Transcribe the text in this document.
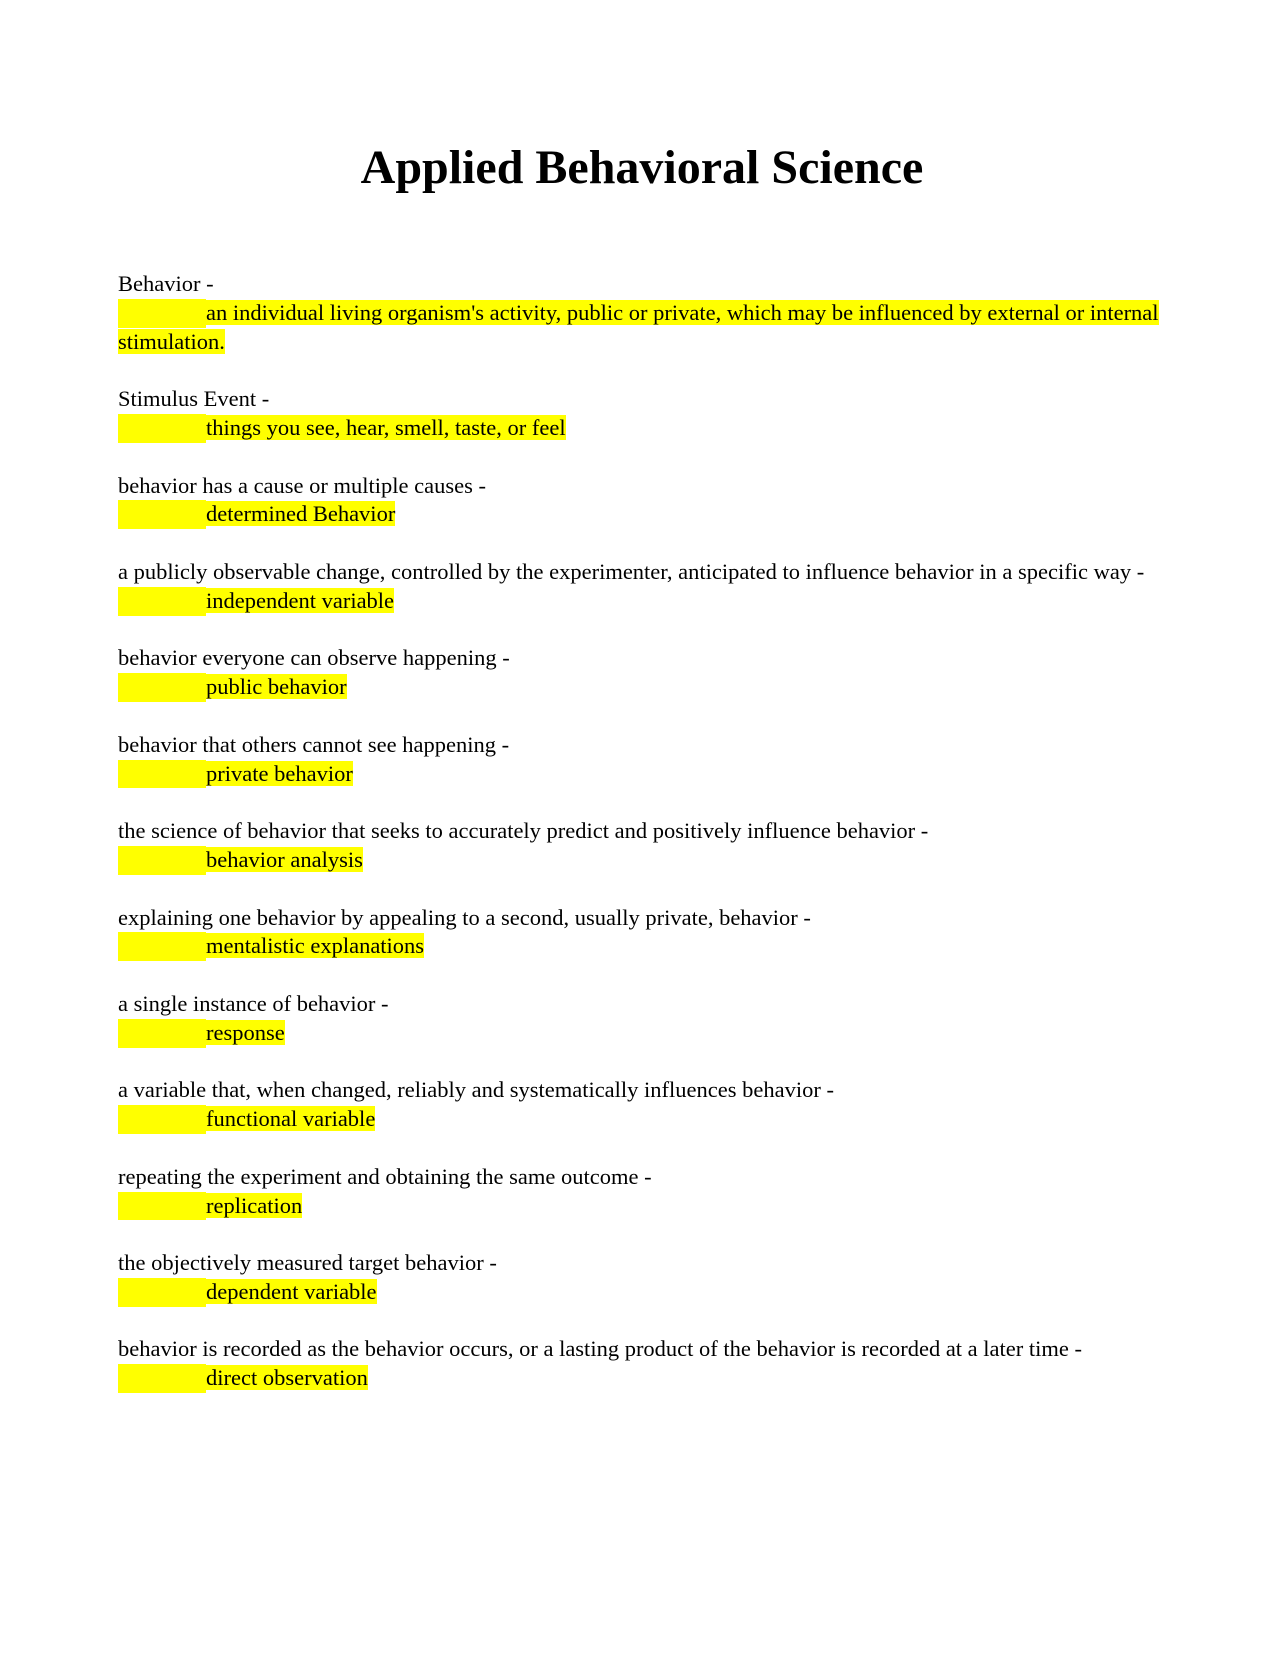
Applied Behavioral Science
Behavior -
an individual living organism's activity, public or private, which may be influenced by external or internal stimulation.
Stimulus Event -
things you see, hear, smell, taste, or feel
behavior has a cause or multiple causes -
determined Behavior
a publicly observable change, controlled by the experimenter, anticipated to influence behavior in a specific way -
independent variable
behavior everyone can observe happening -
public behavior
behavior that others cannot see happening -
private behavior
the science of behavior that seeks to accurately predict and positively influence behavior -
behavior analysis
explaining one behavior by appealing to a second, usually private, behavior -
mentalistic explanations
a single instance of behavior -
response
a variable that, when changed, reliably and systematically influences behavior -
functional variable
repeating the experiment and obtaining the same outcome -
replication
the objectively measured target behavior -
dependent variable
behavior is recorded as the behavior occurs, or a lasting product of the behavior is recorded at a later time -
direct observation
